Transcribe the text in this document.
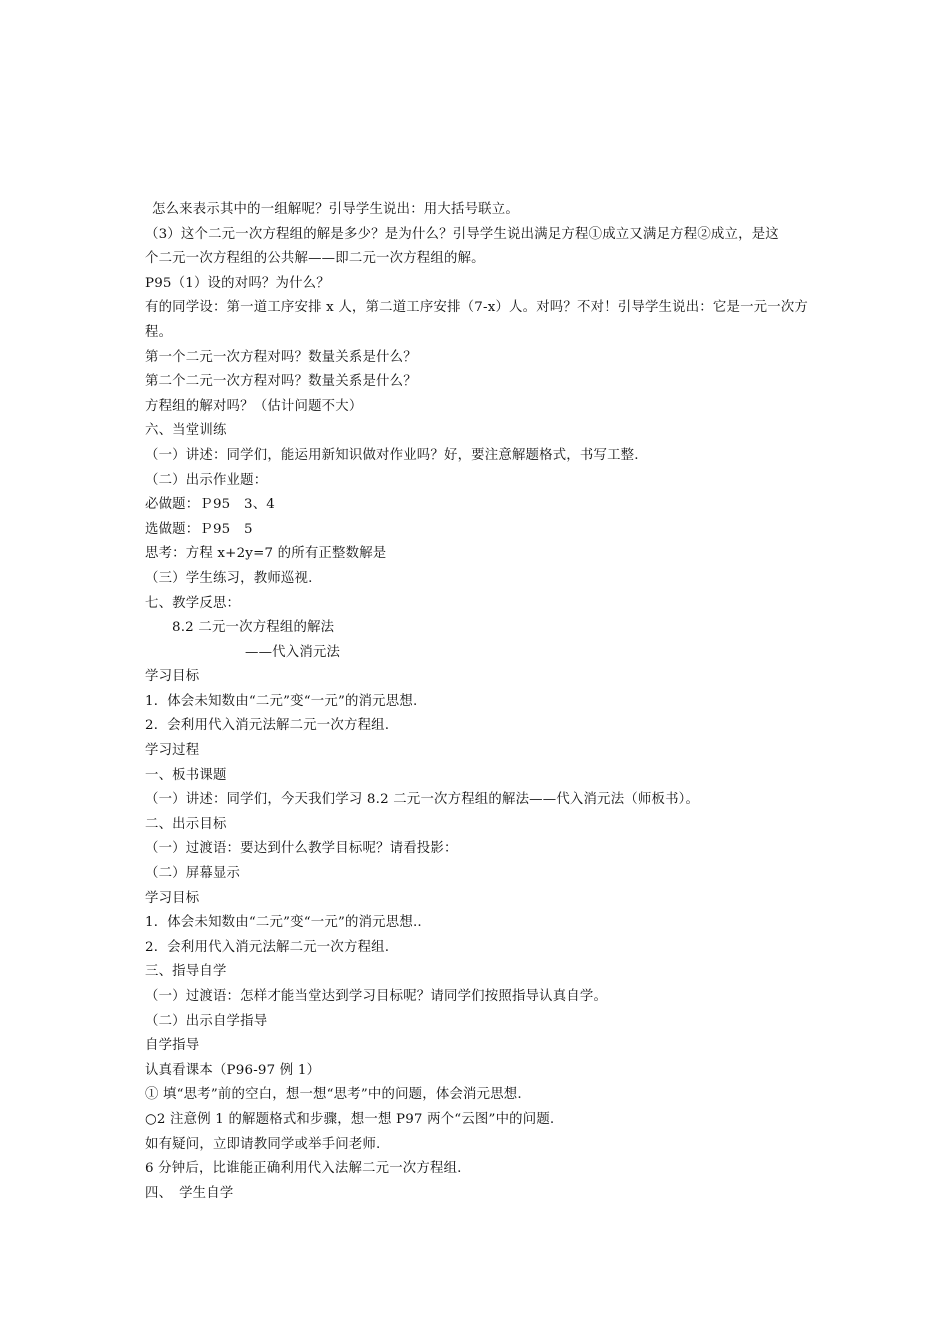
怎么来表示其中的一组解呢？引导学生说出：用大括号联立。
（3）这个二元一次方程组的解是多少？是为什么？引导学生说出满足方程①成立又满足方程②成立，是这
个二元一次方程组的公共解——即二元一次方程组的解。
P95（1）设的对吗？为什么？
有的同学设：第一道工序安排 x 人，第二道工序安排（7-x）人。对吗？不对！引导学生说出：它是一元一次方
程。
第一个二元一次方程对吗？数量关系是什么？
第二个二元一次方程对吗？数量关系是什么？
方程组的解对吗？（估计问题不大）
六、当堂训练
（一）讲述：同学们，能运用新知识做对作业吗？好，要注意解题格式，书写工整.
（二）出示作业题：
必做题：Ｐ95　3、4
选做题：Ｐ95　5
思考：方程 x+2y=7 的所有正整数解是
（三）学生练习，教师巡视.
七、教学反思：
8.2 二元一次方程组的解法
——代入消元法
学习目标
1．体会未知数由“二元”变“一元”的消元思想.
2．会利用代入消元法解二元一次方程组.
学习过程
一、板书课题
（一）讲述：同学们，今天我们学习 8.2 二元一次方程组的解法——代入消元法（师板书）。
二、出示目标
（一）过渡语：要达到什么教学目标呢？请看投影：
（二）屏幕显示
学习目标
1．体会未知数由“二元”变“一元”的消元思想..
2．会利用代入消元法解二元一次方程组.
三、指导自学
（一）过渡语：怎样才能当堂达到学习目标呢？请同学们按照指导认真自学。
（二）出示自学指导
自学指导
认真看课本（P96-97 例 1）
① 填“思考”前的空白，想一想“思考”中的问题，体会消元思想.
○2 注意例 1 的解题格式和步骤，想一想 P97 两个“云图”中的问题.
如有疑问，立即请教同学或举手问老师.
6 分钟后，比谁能正确利用代入法解二元一次方程组.
四、　学生自学
